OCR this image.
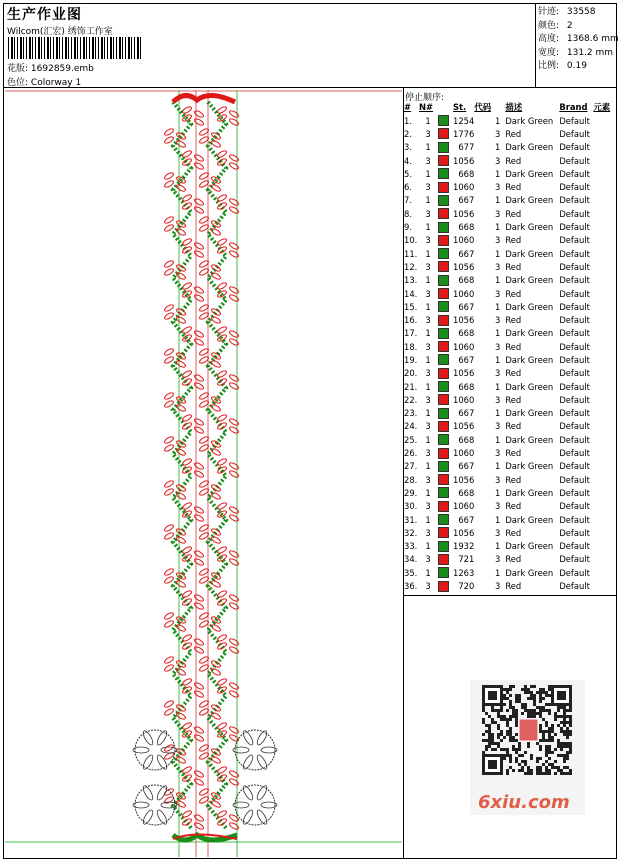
生产作业图
Wilcom(汇宏) 绣饰工作室
花版: 1692859.emb
色位: Colorway 1
针迹: 33558
颜色: 2
高度: 1368.6 mm
宽度: 131.2 mm
比例: 0.19
停止顺序:
#	N#		St.	代码	描述	Brand	元素
1.	1		1254	1	Dark Green	Default	
2.	3		1776	3	Red	Default	
3.	1		677	1	Dark Green	Default	
4.	3		1056	3	Red	Default	
5.	1		668	1	Dark Green	Default	
6.	3		1060	3	Red	Default	
7.	1		667	1	Dark Green	Default	
8.	3		1056	3	Red	Default	
9.	1		668	1	Dark Green	Default	
10.	3		1060	3	Red	Default	
11.	1		667	1	Dark Green	Default	
12.	3		1056	3	Red	Default	
13.	1		668	1	Dark Green	Default	
14.	3		1060	3	Red	Default	
15.	1		667	1	Dark Green	Default	
16.	3		1056	3	Red	Default	
17.	1		668	1	Dark Green	Default	
18.	3		1060	3	Red	Default	
19.	1		667	1	Dark Green	Default	
20.	3		1056	3	Red	Default	
21.	1		668	1	Dark Green	Default	
22.	3		1060	3	Red	Default	
23.	1		667	1	Dark Green	Default	
24.	3		1056	3	Red	Default	
25.	1		668	1	Dark Green	Default	
26.	3		1060	3	Red	Default	
27.	1		667	1	Dark Green	Default	
28.	3		1056	3	Red	Default	
29.	1		668	1	Dark Green	Default	
30.	3		1060	3	Red	Default	
31.	1		667	1	Dark Green	Default	
32.	3		1056	3	Red	Default	
33.	1		1932	1	Dark Green	Default	
34.	3		721	3	Red	Default	
35.	1		1263	1	Dark Green	Default	
36.	3		720	3	Red	Default	
6xiu.com
